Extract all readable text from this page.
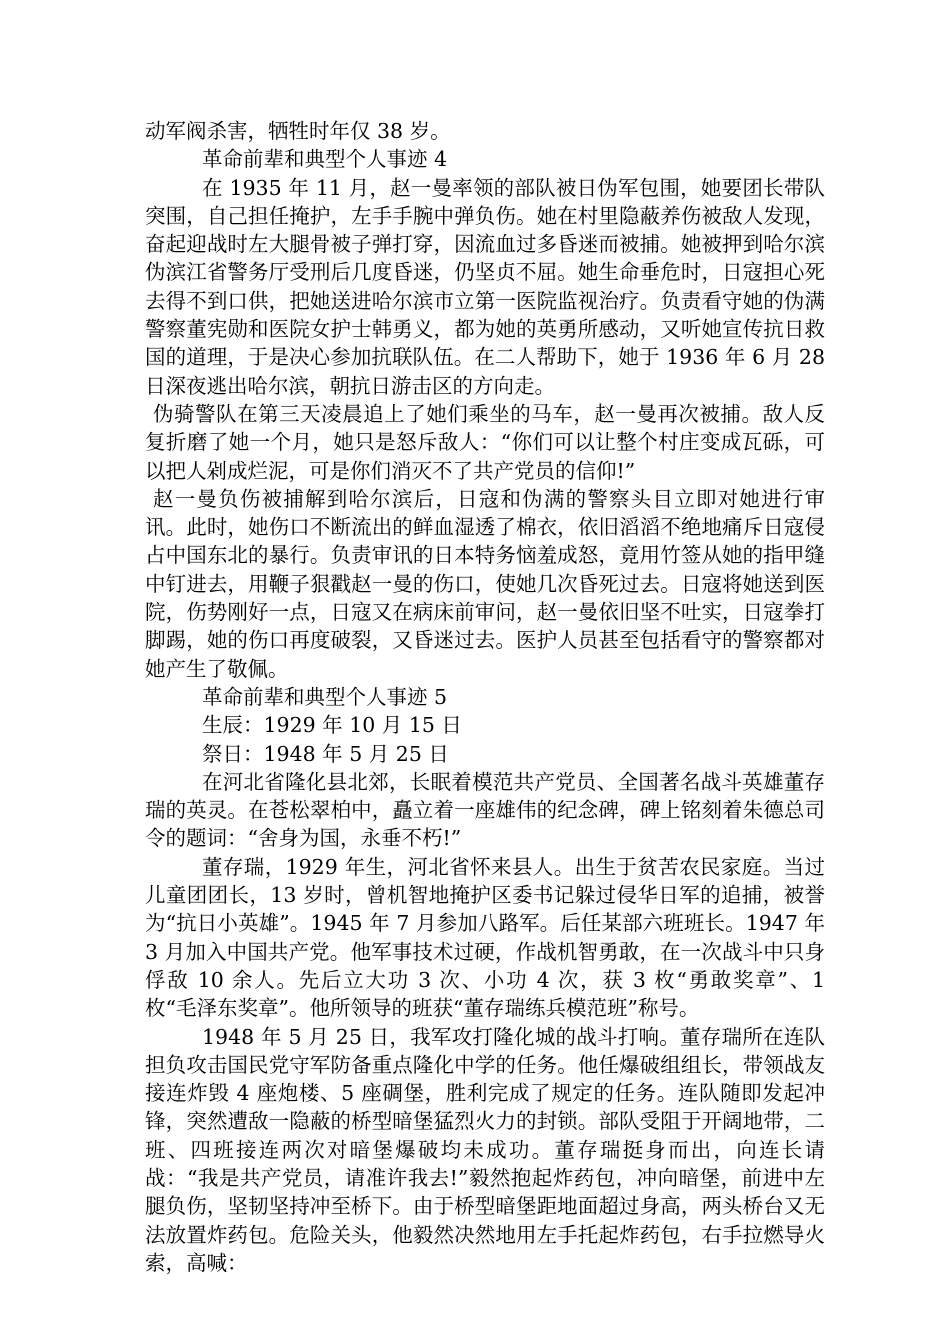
动军阀杀害，牺牲时年仅 38 岁。

革命前辈和典型个人事迹 4

在 1935 年 11 月，赵一曼率领的部队被日伪军包围，她要团长带队突围，自己担任掩护，左手手腕中弹负伤。她在村里隐蔽养伤被敌人发现，奋起迎战时左大腿骨被子弹打穿，因流血过多昏迷而被捕。她被押到哈尔滨伪滨江省警务厅受刑后几度昏迷，仍坚贞不屈。她生命垂危时，日寇担心死去得不到口供，把她送进哈尔滨市立第一医院监视治疗。负责看守她的伪满警察董宪勋和医院女护士韩勇义，都为她的英勇所感动，又听她宣传抗日救国的道理，于是决心参加抗联队伍。在二人帮助下，她于 1936 年 6 月 28 日深夜逃出哈尔滨，朝抗日游击区的方向走。

伪骑警队在第三天凌晨追上了她们乘坐的马车，赵一曼再次被捕。敌人反复折磨了她一个月，她只是怒斥敌人：“你们可以让整个村庄变成瓦砾，可以把人剁成烂泥，可是你们消灭不了共产党员的信仰!”

赵一曼负伤被捕解到哈尔滨后，日寇和伪满的警察头目立即对她进行审讯。此时，她伤口不断流出的鲜血湿透了棉衣，依旧滔滔不绝地痛斥日寇侵占中国东北的暴行。负责审讯的日本特务恼羞成怒，竟用竹签从她的指甲缝中钉进去，用鞭子狠戳赵一曼的伤口，使她几次昏死过去。日寇将她送到医院，伤势刚好一点，日寇又在病床前审问，赵一曼依旧坚不吐实，日寇拳打脚踢，她的伤口再度破裂，又昏迷过去。医护人员甚至包括看守的警察都对她产生了敬佩。

革命前辈和典型个人事迹 5

生辰：1929 年 10 月 15 日

祭日：1948 年 5 月 25 日

在河北省隆化县北郊，长眠着模范共产党员、全国著名战斗英雄董存瑞的英灵。在苍松翠柏中，矗立着一座雄伟的纪念碑，碑上铭刻着朱德总司令的题词：“舍身为国，永垂不朽!”

董存瑞，1929 年生，河北省怀来县人。出生于贫苦农民家庭。当过儿童团团长，13 岁时，曾机智地掩护区委书记躲过侵华日军的追捕，被誉为“抗日小英雄”。1945 年 7 月参加八路军。后任某部六班班长。1947 年 3 月加入中国共产党。他军事技术过硬，作战机智勇敢，在一次战斗中只身俘敌 10 余人。先后立大功 3 次、小功 4 次，获 3 枚“勇敢奖章”、1 枚“毛泽东奖章”。他所领导的班获“董存瑞练兵模范班”称号。

1948 年 5 月 25 日，我军攻打隆化城的战斗打响。董存瑞所在连队担负攻击国民党守军防备重点隆化中学的任务。他任爆破组组长，带领战友接连炸毁 4 座炮楼、5 座碉堡，胜利完成了规定的任务。连队随即发起冲锋，突然遭敌一隐蔽的桥型暗堡猛烈火力的封锁。部队受阻于开阔地带，二班、四班接连两次对暗堡爆破均未成功。董存瑞挺身而出，向连长请战：“我是共产党员，请准许我去!”毅然抱起炸药包，冲向暗堡，前进中左腿负伤，坚韧坚持冲至桥下。由于桥型暗堡距地面超过身高，两头桥台又无法放置炸药包。危险关头，他毅然决然地用左手托起炸药包，右手拉燃导火索，高喊：
